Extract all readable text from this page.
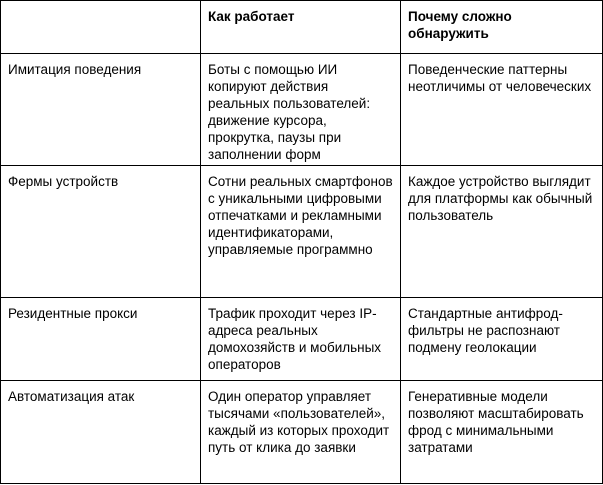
	Как работает	Почему сложно обнаружить
Имитация поведения	Боты с помощью ИИ копируют действия реальных пользователей: движение курсора, прокрутка, паузы при заполнении форм	Поведенческие паттерны неотличимы от человеческих
Фермы устройств	Сотни реальных смартфонов с уникальными цифровыми отпечатками и рекламными идентификаторами, управляемые программно	Каждое устройство выглядит для платформы как обычный пользователь
Резидентные прокси	Трафик проходит через IP-адреса реальных домохозяйств и мобильных операторов	Стандартные антифрод-фильтры не распознают подмену геолокации
Автоматизация атак	Один оператор управляет тысячами «пользователей», каждый из которых проходит путь от клика до заявки	Генеративные модели позволяют масштабировать фрод с минимальными затратами
